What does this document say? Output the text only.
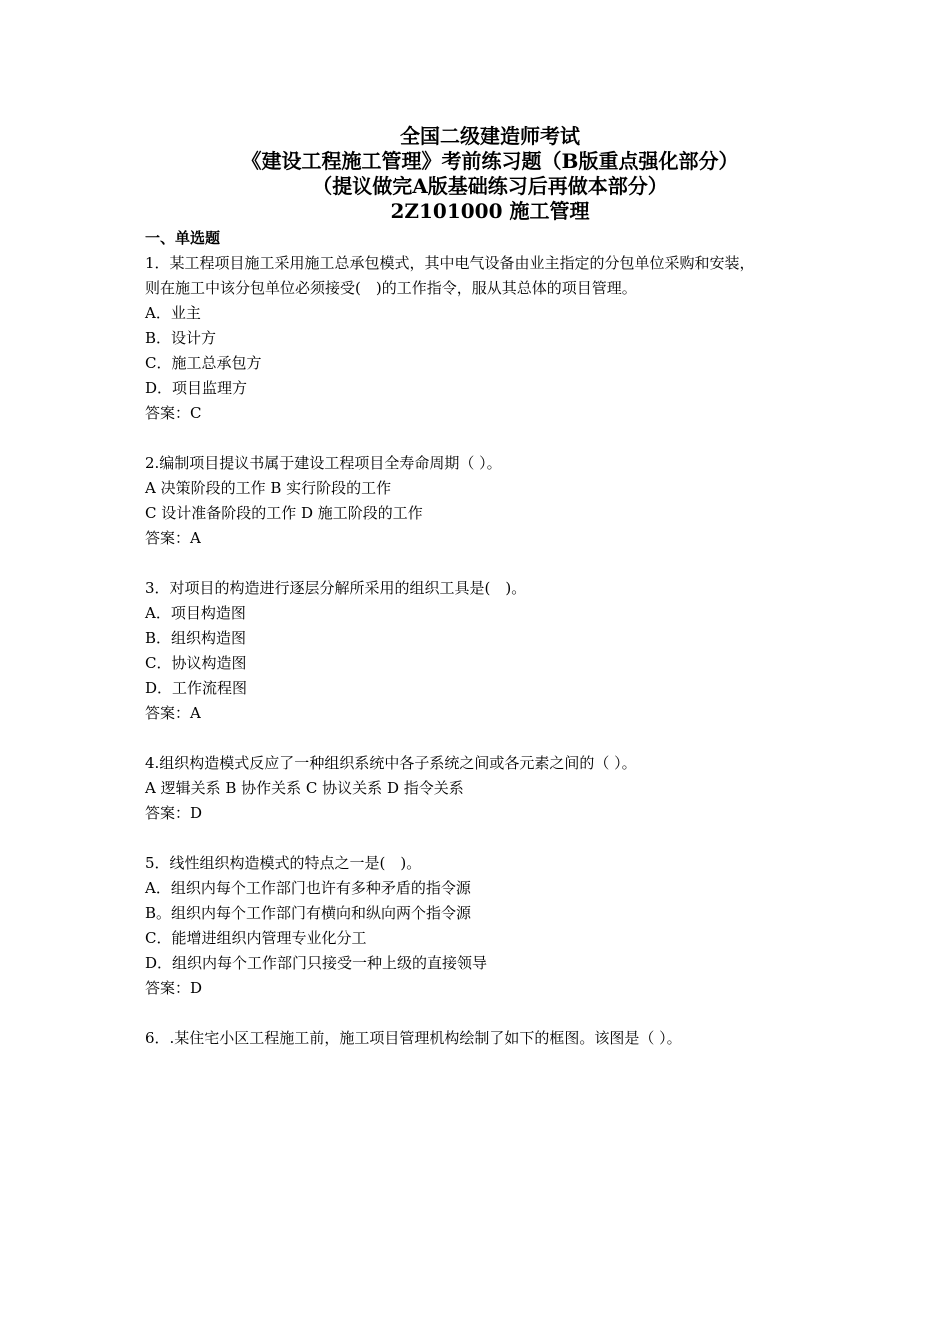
全国二级建造师考试
《建设工程施工管理》考前练习题（B版重点强化部分）
（提议做完A版基础练习后再做本部分）
2Z101000 施工管理
一、单选题
1．某工程项目施工采用施工总承包模式，其中电气设备由业主指定的分包单位采购和安装，
则在施工中该分包单位必须接受(　)的工作指令，服从其总体的项目管理。
A．业主
B．设计方
C．施工总承包方
D．项目监理方
答案：C
2.编制项目提议书属于建设工程项目全寿命周期（ ）。
A 决策阶段的工作 B 实行阶段的工作
C 设计准备阶段的工作 D 施工阶段的工作
答案：A
3．对项目的构造进行逐层分解所采用的组织工具是(　)。
A．项目构造图
B．组织构造图
C．协议构造图
D．工作流程图
答案：A
4.组织构造模式反应了一种组织系统中各子系统之间或各元素之间的（ ）。
A 逻辑关系 B 协作关系 C 协议关系 D 指令关系
答案：D
5．线性组织构造模式的特点之一是(　)。
A．组织内每个工作部门也许有多种矛盾的指令源
B。组织内每个工作部门有横向和纵向两个指令源
C．能增进组织内管理专业化分工
D．组织内每个工作部门只接受一种上级的直接领导
答案：D
6．.某住宅小区工程施工前，施工项目管理机构绘制了如下的框图。该图是（ ）。
